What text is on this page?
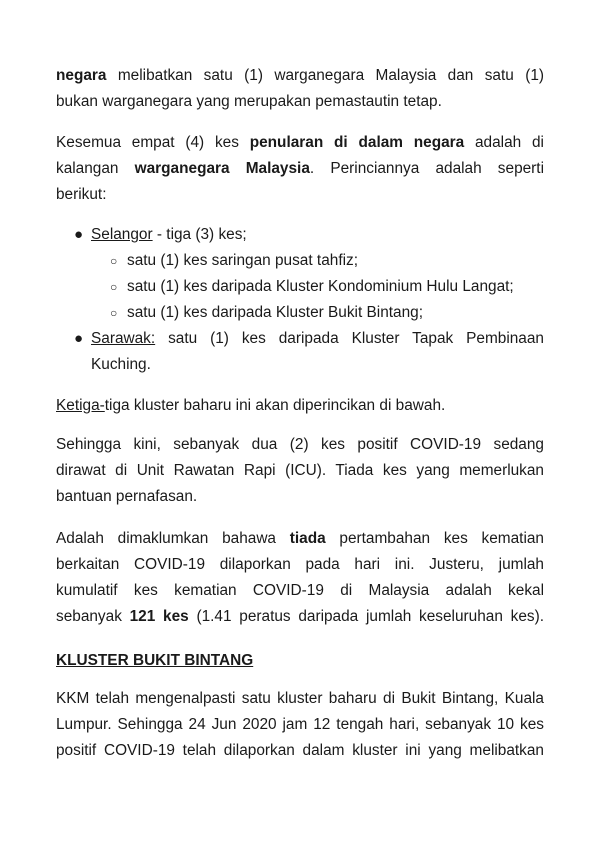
negara melibatkan satu (1) warganegara Malaysia dan satu (1)
bukan warganegara yang merupakan pemastautin tetap.
Kesemua empat (4) kes penularan di dalam negara adalah di
kalangan warganegara Malaysia. Perinciannya adalah seperti
berikut:
● Selangor - tiga (3) kes;
○ satu (1) kes saringan pusat tahfiz;
○ satu (1) kes daripada Kluster Kondominium Hulu Langat;
○ satu (1) kes daripada Kluster Bukit Bintang;
● Sarawak: satu (1) kes daripada Kluster Tapak Pembinaan
Kuching.
Ketiga-tiga kluster baharu ini akan diperincikan di bawah.
Sehingga kini, sebanyak dua (2) kes positif COVID-19 sedang
dirawat di Unit Rawatan Rapi (ICU). Tiada kes yang memerlukan
bantuan pernafasan.
Adalah dimaklumkan bahawa tiada pertambahan kes kematian
berkaitan COVID-19 dilaporkan pada hari ini. Justeru, jumlah
kumulatif kes kematian COVID-19 di Malaysia adalah kekal
sebanyak 121 kes (1.41 peratus daripada jumlah keseluruhan kes).
KLUSTER BUKIT BINTANG
KKM telah mengenalpasti satu kluster baharu di Bukit Bintang, Kuala
Lumpur. Sehingga 24 Jun 2020 jam 12 tengah hari, sebanyak 10 kes
positif COVID-19 telah dilaporkan dalam kluster ini yang melibatkan
